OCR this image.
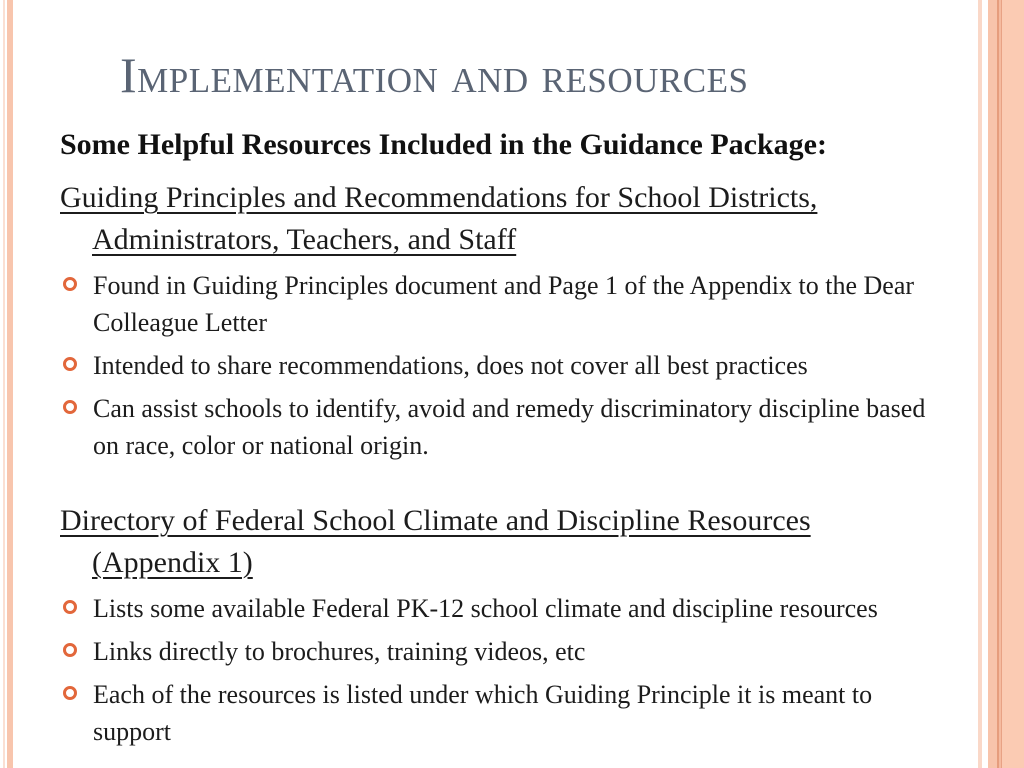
Implementation and resources

Some Helpful Resources Included in the Guidance Package:

Guiding Principles and Recommendations for School Districts, Administrators, Teachers, and Staff
Found in Guiding Principles document and Page 1 of the Appendix to the Dear Colleague Letter
Intended to share recommendations, does not cover all best practices
Can assist schools to identify, avoid and remedy discriminatory discipline based on race, color or national origin.
Directory of Federal School Climate and Discipline Resources (Appendix 1)
Lists some available Federal PK-12 school climate and discipline resources
Links directly to brochures, training videos, etc
Each of the resources is listed under which Guiding Principle it is meant to support
